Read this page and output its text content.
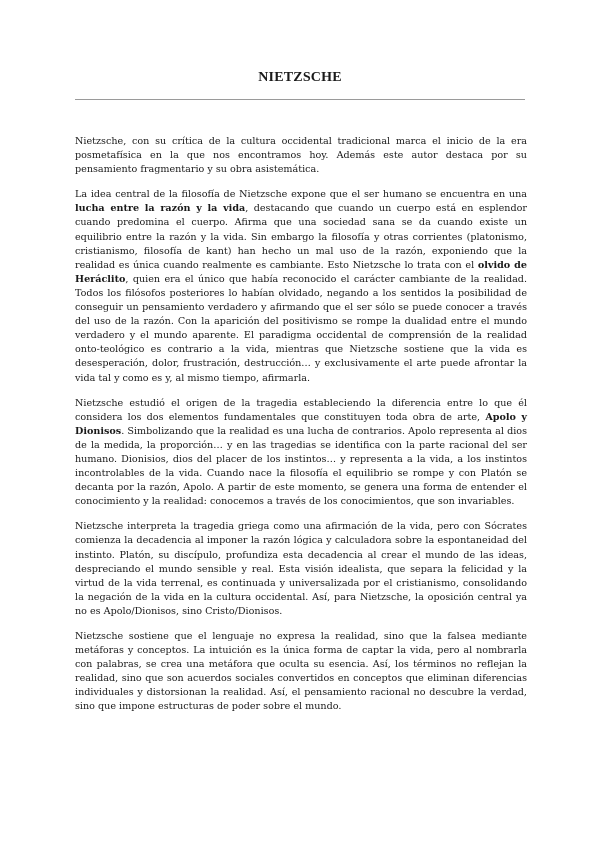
NIETZSCHE

Nietzsche, con su crítica de la cultura occidental tradicional marca el inicio de la era posmetafísica en la que nos encontramos hoy. Además este autor destaca por su pensamiento fragmentario y su obra asistemática.

La idea central de la filosofía de Nietzsche expone que el ser humano se encuentra en una lucha entre la razón y la vida, destacando que cuando un cuerpo está en esplendor cuando predomina el cuerpo. Afirma que una sociedad sana se da cuando existe un equilibrio entre la razón y la vida. Sin embargo la filosofía y otras corrientes (platonismo, cristianismo, filosofía de kant) han hecho un mal uso de la razón, exponiendo que la realidad es única cuando realmente es cambiante. Esto Nietzsche lo trata con el olvido de Heráclito, quien era el único que había reconocido el carácter cambiante de la realidad. Todos los filósofos posteriores lo habían olvidado, negando a los sentidos la posibilidad de conseguir un pensamiento verdadero y afirmando que el ser sólo se puede conocer a través del uso de la razón. Con la aparición del positivismo se rompe la dualidad entre el mundo verdadero y el mundo aparente. El paradigma occidental de comprensión de la realidad onto-teológico es contrario a la vida, mientras que Nietzsche sostiene que la vida es desesperación, dolor, frustración, destrucción… y exclusivamente el arte puede afrontar la vida tal y como es y, al mismo tiempo, afirmarla.

Nietzsche estudió el origen de la tragedia estableciendo la diferencia entre lo que él considera los dos elementos fundamentales que constituyen toda obra de arte, Apolo y Dionisos. Simbolizando que la realidad es una lucha de contrarios. Apolo representa al dios de la medida, la proporción… y en las tragedias se identifica con la parte racional del ser humano. Dionisios, dios del placer de los instintos… y representa a la vida, a los instintos incontrolables de la vida. Cuando nace la filosofía el equilibrio se rompe y con Platón se decanta por la razón, Apolo. A partir de este momento, se genera una forma de entender el conocimiento y la realidad: conocemos a través de los conocimientos, que son invariables.

Nietzsche interpreta la tragedia griega como una afirmación de la vida, pero con Sócrates comienza la decadencia al imponer la razón lógica y calculadora sobre la espontaneidad del instinto. Platón, su discípulo, profundiza esta decadencia al crear el mundo de las ideas, despreciando el mundo sensible y real. Esta visión idealista, que separa la felicidad y la virtud de la vida terrenal, es continuada y universalizada por el cristianismo, consolidando la negación de la vida en la cultura occidental. Así, para Nietzsche, la oposición central ya no es Apolo/Dionisos, sino Cristo/Dionisos.

Nietzsche sostiene que el lenguaje no expresa la realidad, sino que la falsea mediante metáforas y conceptos. La intuición es la única forma de captar la vida, pero al nombrarla con palabras, se crea una metáfora que oculta su esencia. Así, los términos no reflejan la realidad, sino que son acuerdos sociales convertidos en conceptos que eliminan diferencias individuales y distorsionan la realidad. Así, el pensamiento racional no descubre la verdad, sino que impone estructuras de poder sobre el mundo.
